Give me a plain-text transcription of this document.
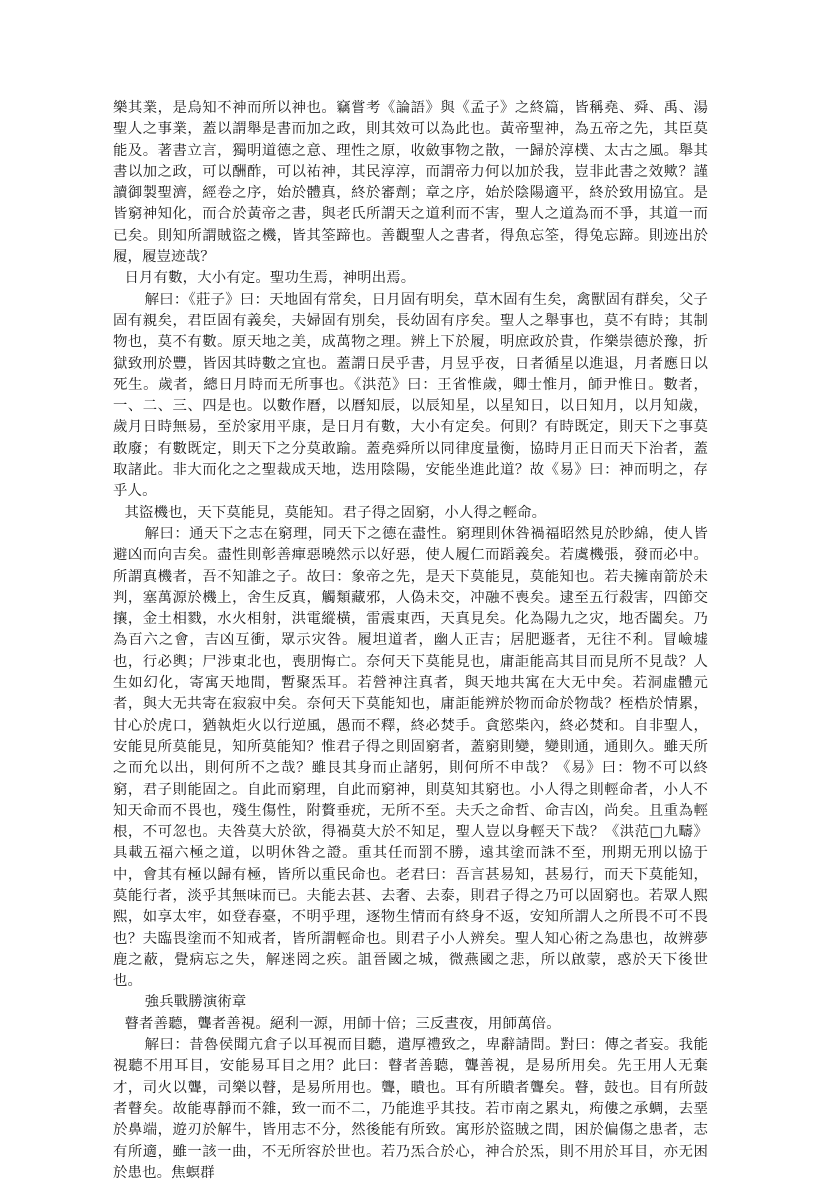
樂其業，是烏知不神而所以神也。竊嘗考《論語》與《孟子》之終篇，皆稱堯、舜、禹、湯聖人之事業，蓋以謂舉是書而加之政，則其效可以為此也。黃帝聖神，為五帝之先，其臣莫能及。著書立言，獨明道德之意、理性之原，收斂事物之散，一歸於淳樸、太古之風。舉其書以加之政，可以酬酢，可以祐神，其民淳淳，而謂帝力何以加於我，豈非此書之效歟？謹讀御製聖濟，經卷之序，始於體真，終於審劑；章之序，始於陰陽適平，終於致用協宜。是皆窮神知化，而合於黃帝之書，與老氏所謂天之道利而不害，聖人之道為而不爭，其道一而已矣。則知所謂賊盜之機，皆其筌蹄也。善觀聖人之書者，得魚忘筌，得兔忘蹄。則迹出於履，履豈迹哉？

日月有數，大小有定。聖功生焉，神明出焉。

解曰：《莊子》曰：天地固有常矣，日月固有明矣，草木固有生矣，禽獸固有群矣，父子固有親矣，君臣固有義矣，夫婦固有別矣，長幼固有序矣。聖人之舉事也，莫不有時；其制物也，莫不有數。原天地之美，成萬物之理。辨上下於履，明庶政於貴，作樂崇德於豫，折獄致刑於豐，皆因其時數之宜也。蓋謂日昃乎書，月昱乎夜，日者循星以進退，月者應日以死生。歲者，總日月時而无所事也。《洪范》曰：王省惟歲，卿士惟月，師尹惟日。數者，一、二、三、四是也。以數作曆，以曆知辰，以辰知星，以星知日，以日知月，以月知歲，歲月日時無易，至於家用平康，是日月有數，大小有定矣。何則？有時既定，則天下之事莫敢廢；有數既定，則天下之分莫敢踰。蓋堯舜所以同律度量衡，協時月正日而天下治者，蓋取諸此。非大而化之之聖裁成天地，迭用陰陽，安能坐進此道？故《易》曰：神而明之，存乎人。

其盜機也，天下莫能見，莫能知。君子得之固窮，小人得之輕命。

解曰：通天下之志在窮理，同天下之德在盡性。窮理則休咎禍福昭然見於眇綿，使人皆避凶而向吉矣。盡性則彰善癉惡曉然示以好惡，使人履仁而蹈義矣。若虞機張，發而必中。所謂真機者，吾不知誰之子。故曰：象帝之先，是天下莫能見，莫能知也。若夫擁南箭於未判，塞萬源於機上，舍生反真，觸類藏邪，人偽未交，冲融不喪矣。逮至五行殺害，四節交攘，金土相戮，水火相射，洪電縱橫，雷震東西，天真見矣。化為陽九之灾，地否闔矣。乃為百六之會，吉凶互衝，眾示灾咎。履坦道者，幽人正吉；居肥遯者，无往不利。冒嶮墟也，行必輿；尸涉東北也，喪朋悔亡。奈何天下莫能見也，庸詎能高其目而見所不見哉？人生如幻化，寄寓天地間，暫聚炁耳。若營神注真者，與天地共寓在大无中矣。若洞虛體元者，與大无共寄在寂寂中矣。奈何天下莫能知也，庸詎能辨於物而命於物哉？桎梏於情累，甘心於虎口，猶執炬火以行逆風，愚而不釋，終必焚手。貪慾柴內，終必焚和。自非聖人，安能見所莫能見，知所莫能知？惟君子得之則固窮者，蓋窮則變，變則通，通則久。雖天所之而允以出，則何所不之哉？雖艮其身而止諸躬，則何所不申哉？《易》曰：物不可以終窮，君子則能固之。自此而窮理，自此而窮神，則莫知其窮也。小人得之則輕命者，小人不知天命而不畏也，殘生傷性，附贅垂疣，无所不至。夫夭之命哲、命吉凶，尚矣。且重為輕根，不可忽也。夫咎莫大於欲，得禍莫大於不知足，聖人豈以身輕天下哉？《洪范□九疇》具載五福六極之道，以明休咎之證。重其任而罰不勝，遠其塗而誅不至，刑期无刑以協于中，會其有極以歸有極，皆所以重民命也。老君曰：吾言甚易知，甚易行，而天下莫能知，莫能行者，淡乎其無味而已。夫能去甚、去奢、去泰，則君子得之乃可以固窮也。若眾人熙熙，如享太牢，如登春臺，不明乎理，逐物生情而有終身不返，安知所謂人之所畏不可不畏也？夫臨畏塗而不知戒者，皆所謂輕命也。則君子小人辨矣。聖人知心術之為患也，故辨夢鹿之蔽，覺病忘之失，解迷罔之疾。詛晉國之城，微燕國之悲，所以啟蒙，惑於天下後世也。

強兵戰勝演術章

瞽者善聽，聾者善視。絕利一源，用師十倍；三反晝夜，用師萬倍。

解曰：昔魯侯聞亢倉子以耳視而目聽，遣厚禮致之，卑辭請問。對曰：傳之者妄。我能視聽不用耳目，安能易耳目之用？此曰：瞽者善聽，聾善視，是易所用矣。先王用人无棄才，司火以聾，司樂以瞽，是易所用也。聾，瞶也。耳有所瞶者聾矣。瞽，鼓也。目有所鼓者瞽矣。故能專靜而不雜，致一而不二，乃能進乎其技。若市南之累丸，痀僂之承蜩，去堊於鼻端，遊刃於解牛，皆用志不分，然後能有所致。寓形於盜賊之間，困於偏傷之患者，志有所適，雖一該一曲，不无所容於世也。若乃炁合於心，神合於炁，則不用於耳目，亦无困於患也。焦螟群
